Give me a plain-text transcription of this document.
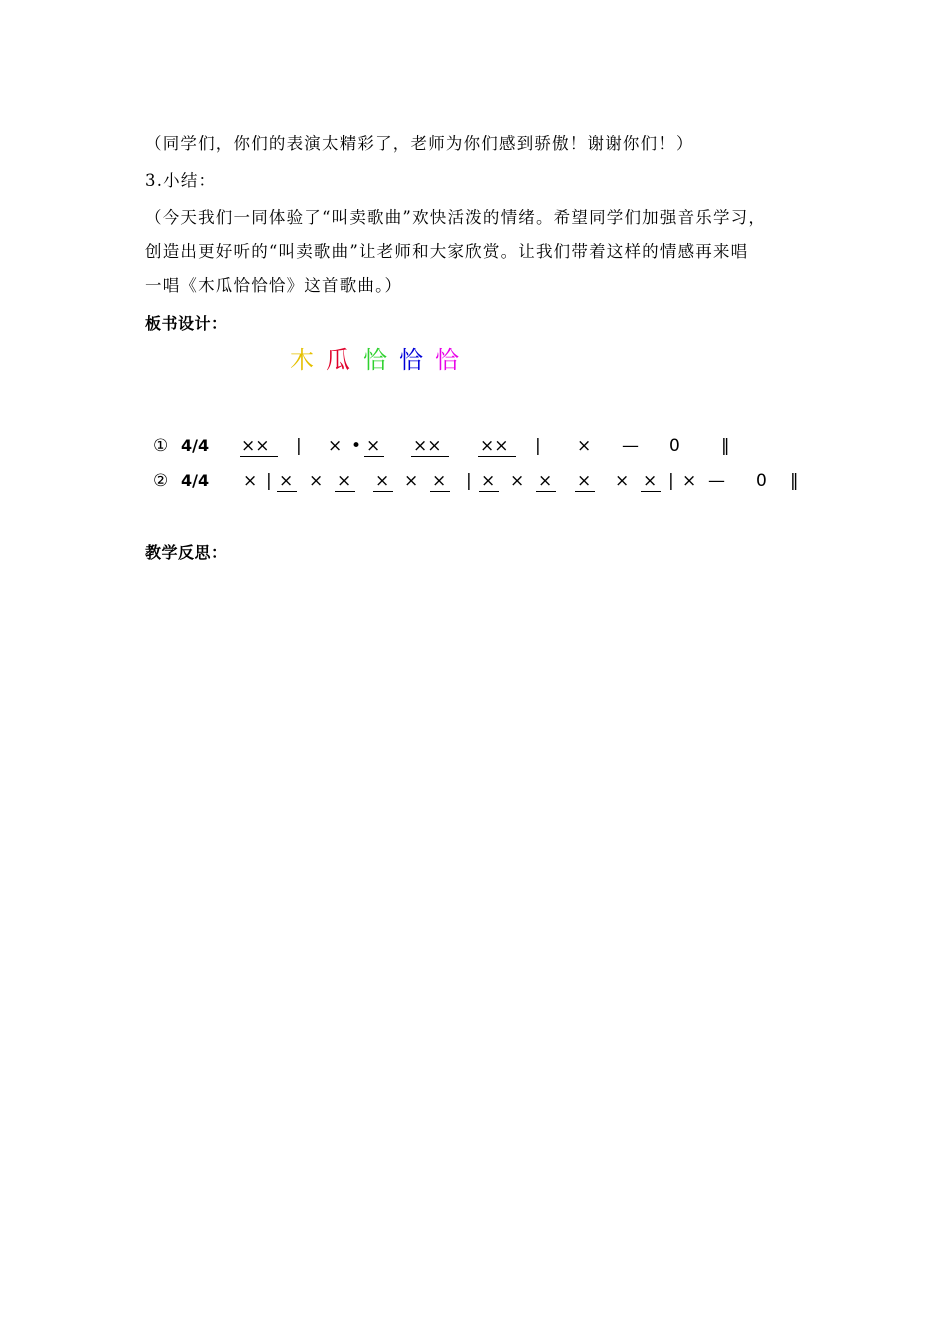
（同学们，你们的表演太精彩了，老师为你们感到骄傲！谢谢你们！）
3.小结：
（今天我们一同体验了“叫卖歌曲”欢快活泼的情绪。希望同学们加强音乐学习，
创造出更好听的“叫卖歌曲”让老师和大家欣赏。让我们带着这样的情感再来唱
一唱《木瓜恰恰恰》这首歌曲。）
板书设计：
木 瓜 恰 恰 恰
① 4/4 ×× | × • × ×× ×× | × — 0 ‖
② 4/4 × | × × × × × × | × × × × × × | × — 0 ‖
教学反思：
